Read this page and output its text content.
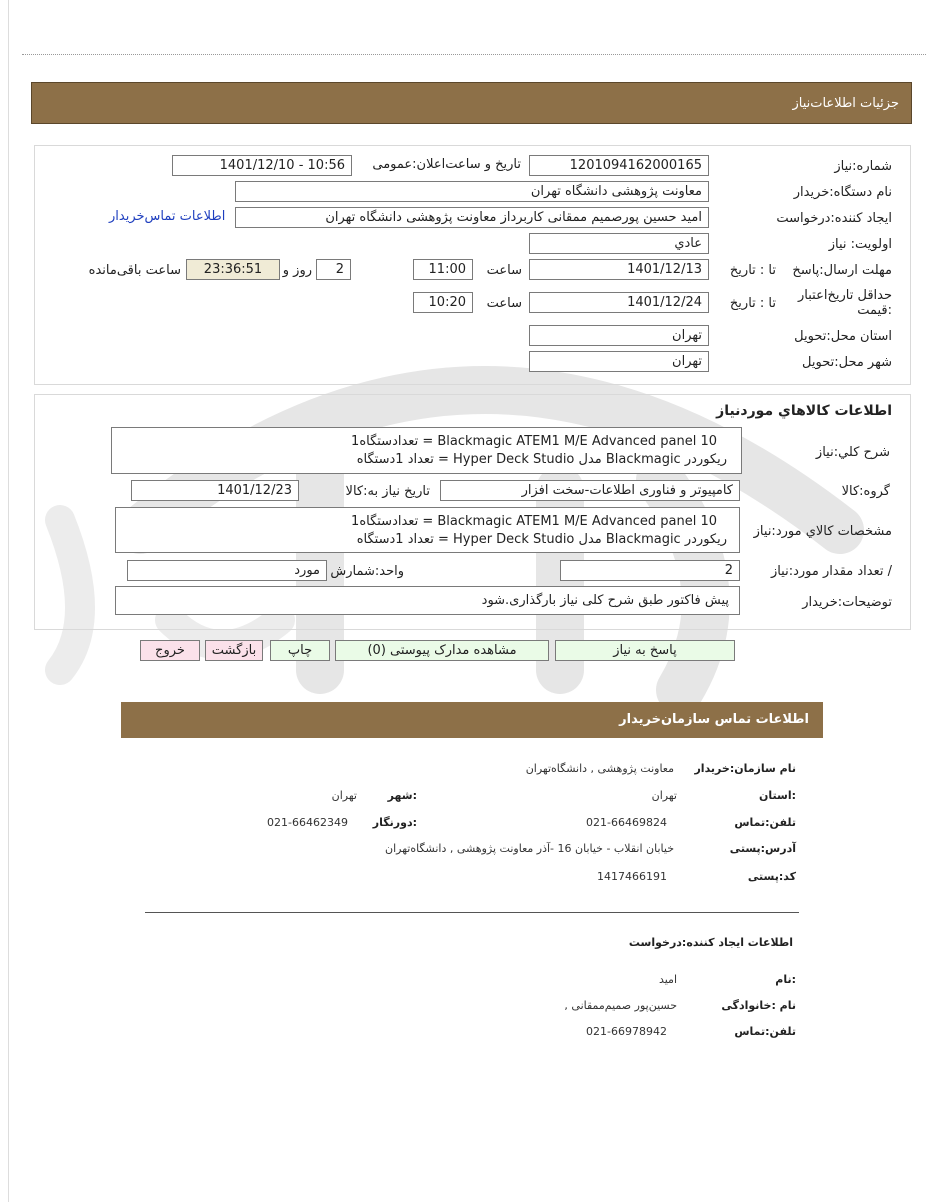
جزئیات اطلاعات‌نیاز
شماره:نیاز
1201094162000165
تاریخ و ساعت‌اعلان:عمومی
1401/12/10 - 10:56
نام دستگاه:خریدار
معاونت پژوهشی دانشگاه تهران
ایجاد کننده:درخواست
امید حسین پورصمیم ممقانی کاربرداز معاونت پژوهشی دانشگاه تهران
اطلاعات تماس‌خریدار
اولویت: نیاز
عادي
مهلت ارسال:پاسخ
تا : تاریخ
1401/12/13
ساعت
11:00
2
روز و
23:36:51
ساعت باقی‌مانده
حداقل تاریخ‌اعتبار :قیمت
تا : تاریخ
1401/12/24
ساعت
10:20
استان محل:تحویل
تهران
شهر محل:تحویل
تهران
اطلاعات کالاهاي موردنیاز
شرح کلي:نیاز
Blackmagic ATEM1 M/E Advanced panel 10 = تعدادستگاه1
ریکوردر Blackmagic مدل Hyper Deck Studio = تعداد 1دستگاه
گروه:کالا
کامپیوتر و فناوری اطلاعات-سخت افزار
تاریخ نیاز به:کالا
1401/12/23
مشخصات کالاي مورد:نیاز
Blackmagic ATEM1 M/E Advanced panel 10 = تعدادستگاه1
ریکوردر Blackmagic مدل Hyper Deck Studio = تعداد 1دستگاه
/ تعداد مقدار مورد:نیاز
2
واحد:شمارش
مورد
توضیحات:خریدار
پیش فاکتور طبق شرح کلی نیاز بارگذاری.شود
پاسخ به نیاز
مشاهده مدارک پیوستی (0)
چاپ
بازگشت
خروج
اطلاعات تماس سازمان‌خریدار
نام سازمان:خریدار
معاونت پژوهشی , دانشگاه‌تهران
:استان
تهران
:شهر
تهران
تلفن:تماس
021-66469824
:دورنگار
021-66462349
آدرس:پستی
خیابان انقلاب - خیابان 16 -آذر معاونت پژوهشی , دانشگاه‌تهران
کد:پستی
1417466191
اطلاعات ایجاد کننده:درخواست
:نام
امید
نام :خانوادگی
حسین‌پور صمیم‌ممقانی ,
تلفن:تماس
021-66978942
